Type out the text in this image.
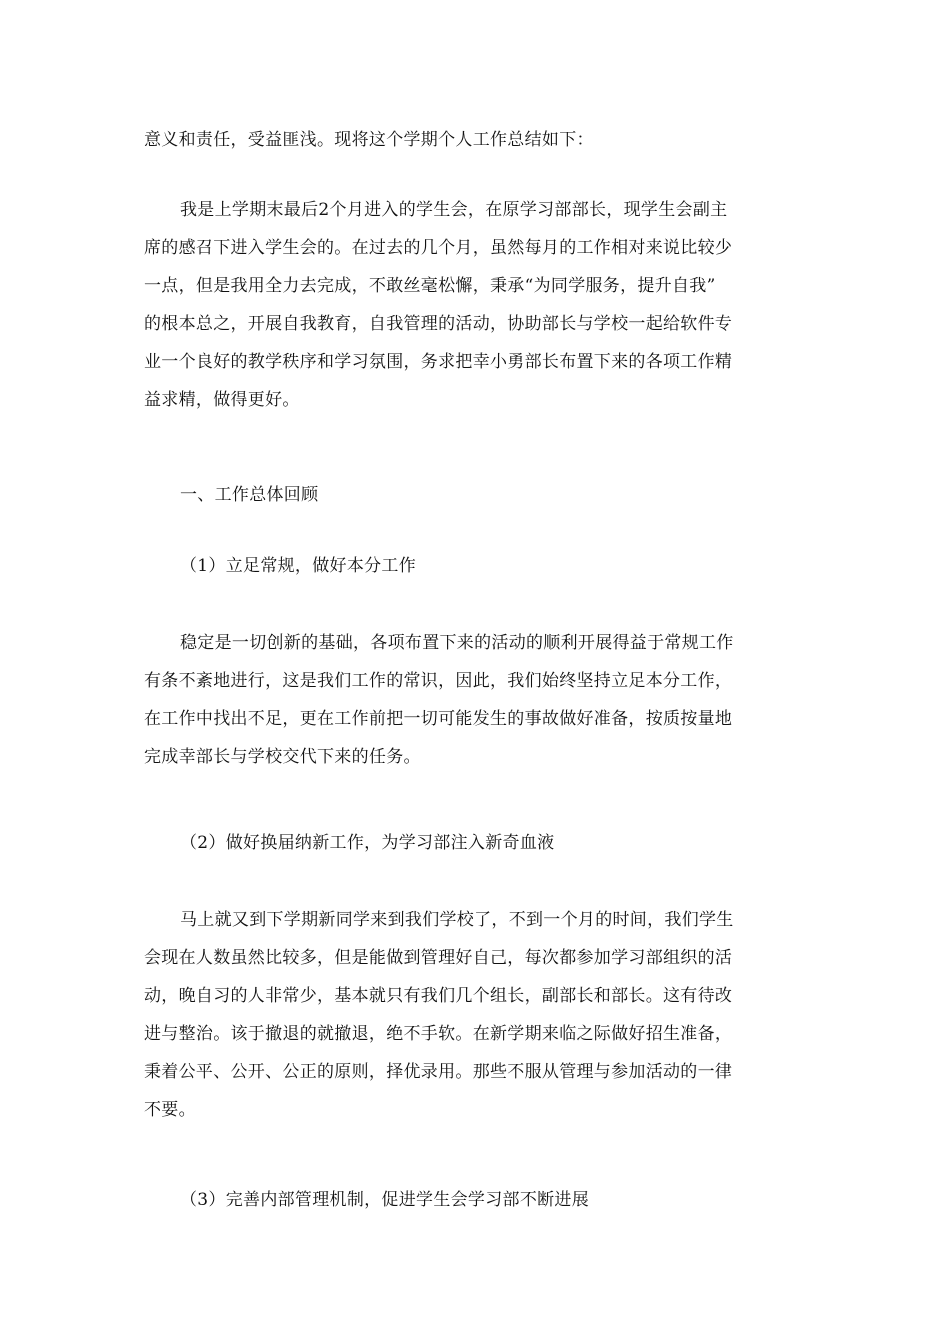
意义和责任，受益匪浅。现将这个学期个人工作总结如下：
我是上学期末最后2个月进入的学生会，在原学习部部长，现学生会副主
席的感召下进入学生会的。在过去的几个月，虽然每月的工作相对来说比较少
一点，但是我用全力去完成，不敢丝毫松懈，秉承“为同学服务，提升自我”
的根本总之，开展自我教育，自我管理的活动，协助部长与学校一起给软件专
业一个良好的教学秩序和学习氛围，务求把幸小勇部长布置下来的各项工作精
益求精，做得更好。
一、工作总体回顾
（1）立足常规，做好本分工作
稳定是一切创新的基础，各项布置下来的活动的顺利开展得益于常规工作
有条不紊地进行，这是我们工作的常识，因此，我们始终坚持立足本分工作，
在工作中找出不足，更在工作前把一切可能发生的事故做好准备，按质按量地
完成幸部长与学校交代下来的任务。
（2）做好换届纳新工作，为学习部注入新奇血液
马上就又到下学期新同学来到我们学校了，不到一个月的时间，我们学生
会现在人数虽然比较多，但是能做到管理好自己，每次都参加学习部组织的活
动，晚自习的人非常少，基本就只有我们几个组长，副部长和部长。这有待改
进与整治。该于撤退的就撤退，绝不手软。在新学期来临之际做好招生准备，
秉着公平、公开、公正的原则，择优录用。那些不服从管理与参加活动的一律
不要。
（3）完善内部管理机制，促进学生会学习部不断进展
